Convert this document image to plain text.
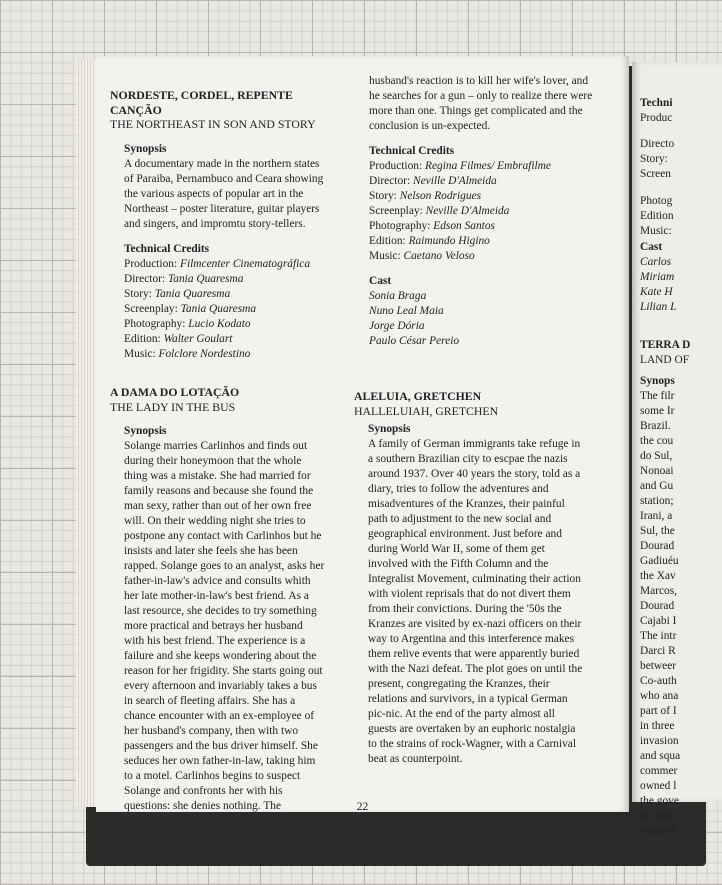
Techni
Produc
Directo
Story:
Screen
Photog
Edition
Music:
Cast
Carlos
Miriam
Kate H
Lilian L
TERRA D
LAND OF
Synops
The filr
some Ir
Brazil.
the cou
do Sul,
Nonoai
and Gu
station;
Irani, a
Sul, the
Dourad
Gadiuéu
the Xav
Marcos,
Dourad
Cajabi I
The intr
Darci R
betweer
Co-auth
who ana
part of I
in three
invasion
and squa
commer
owned l
the gove
of India
transmit
NORDESTE, CORDEL, REPENTE CANÇÃO
THE NORTHEAST IN SON AND STORY
Synopsis
A documentary made in the northern states of Paraiba, Pernambuco and Ceara showing the various aspects of popular art in the Northeast – poster literature, guitar players and singers, and impromtu story-tellers.
Technical Credits
Production: Filmcenter Cinematográfica
Director: Tania Quaresma
Story: Tania Quaresma
Screenplay: Tania Quaresma
Photography: Lucio Kodato
Edition: Walter Goulart
Music: Folclore Nordestino
A DAMA DO LOTAÇÃO
THE LADY IN THE BUS
Synopsis
Solange marries Carlinhos and finds out during their honeymoon that the whole thing was a mistake. She had married for family reasons and because she found the man sexy, rather than out of her own free will. On their wedding night she tries to postpone any contact with Carlinhos but he insists and later she feels she has been rapped. Solange goes to an analyst, asks her father-in-law's advice and consults whith her late mother-in-law's best friend. As a last resource, she decides to try something more practical and betrays her husband with his best friend. The experience is a failure and she keeps wondering about the reason for her frigidity. She starts going out every afternoon and invariably takes a bus in search of fleeting affairs. She has a chance encounter with an ex-employee of her husband's company, then with two passengers and the bus driver himself. She seduces her own father-in-law, taking him to a motel. Carlinhos begins to suspect Solange and confronts her with his questions: she denies nothing. The
husband's reaction is to kill her wife's lover, and he searches for a gun – only to realize there were more than one. Things get complicated and the conclusion is un-expected.
Technical Credits
Production: Regina Filmes/ Embrafilme
Director: Neville D'Almeida
Story: Nelson Rodrigues
Screenplay: Neville D'Almeida
Photography: Edson Santos
Edition: Raimundo Higino
Music: Caetano Veloso
Cast
Sonia Braga
Nuno Leal Maia
Jorge Dória
Paulo César Pereio
ALELUIA, GRETCHEN
HALLELUIAH, GRETCHEN
Synopsis
A family of German immigrants take refuge in a southern Brazilian city to escpae the nazis around 1937. Over 40 years the story, told as a diary, tries to follow the adventures and misadventures of the Kranzes, their painful path to adjustment to the new social and geographical environment. Just before and during World War II, some of them get involved with the Fifth Column and the Integralist Movement, culminating their action with violent reprisals that do not divert them from their convictions. During the '50s the Kranzes are visited by ex-nazi officers on their way to Argentina and this interference makes them relive events that were apparently buried with the Nazi defeat. The plot goes on until the present, congregating the Kranzes, their relations and survivors, in a typical German pic-nic. At the end of the party almost all guests are overtaken by an euphoric nostalgia to the strains of rock-Wagner, with a Carnival beat as counterpoint.
22
